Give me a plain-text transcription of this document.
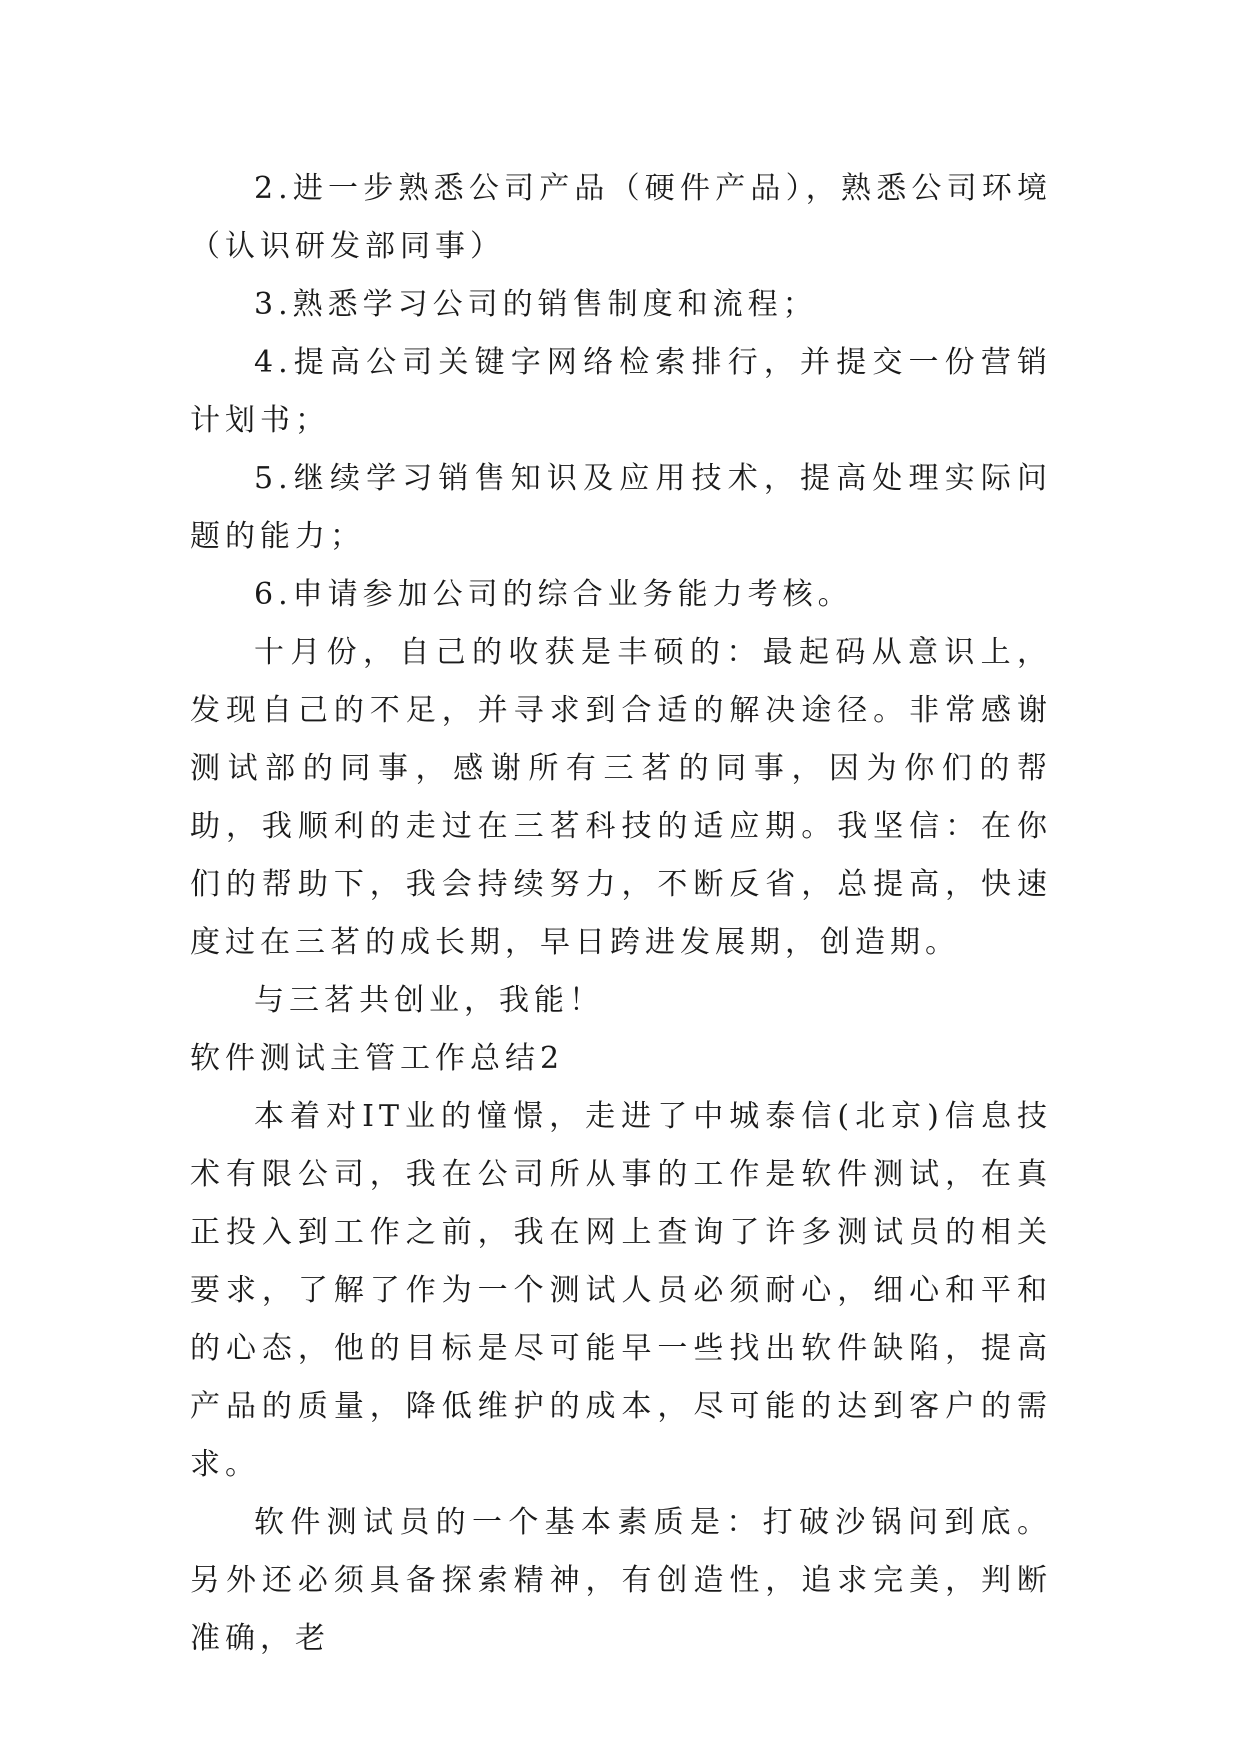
2.进一步熟悉公司产品（硬件产品），熟悉公司环境（认识研发部同事）

3.熟悉学习公司的销售制度和流程；

4.提高公司关键字网络检索排行，并提交一份营销计划书；

5.继续学习销售知识及应用技术，提高处理实际问题的能力；

6.申请参加公司的综合业务能力考核。

十月份，自己的收获是丰硕的：最起码从意识上，发现自己的不足，并寻求到合适的解决途径。非常感谢测试部的同事，感谢所有三茗的同事，因为你们的帮助，我顺利的走过在三茗科技的适应期。我坚信：在你们的帮助下，我会持续努力，不断反省，总提高，快速度过在三茗的成长期，早日跨进发展期，创造期。

与三茗共创业，我能！

软件测试主管工作总结2

本着对IT业的憧憬，走进了中城泰信(北京)信息技术有限公司，我在公司所从事的工作是软件测试，在真正投入到工作之前，我在网上查询了许多测试员的相关要求，了解了作为一个测试人员必须耐心，细心和平和的心态，他的目标是尽可能早一些找出软件缺陷，提高产品的质量，降低维护的成本，尽可能的达到客户的需求。

软件测试员的一个基本素质是：打破沙锅问到底。另外还必须具备探索精神，有创造性，追求完美，判断准确，老
